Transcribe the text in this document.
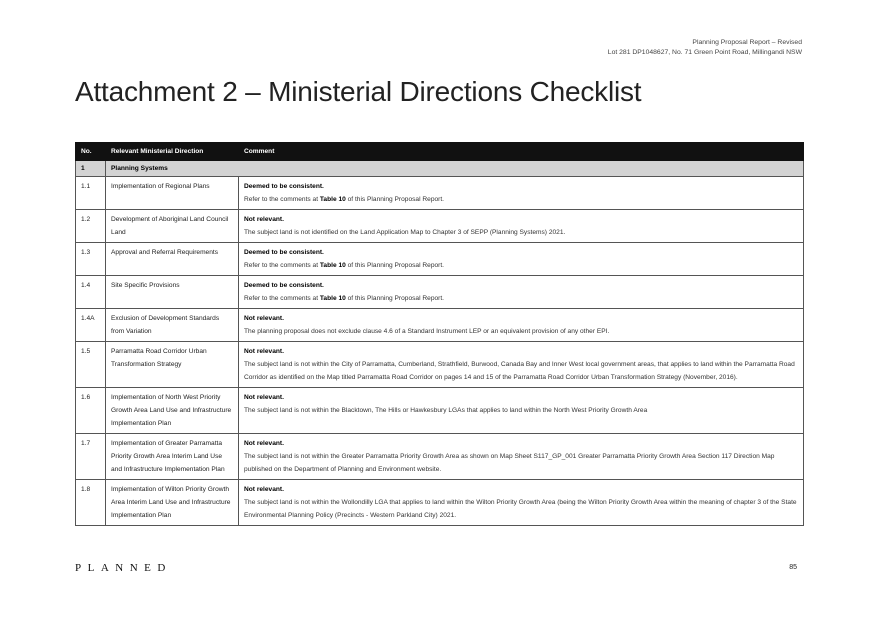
Planning Proposal Report – Revised
Lot 281 DP1048627, No. 71 Green Point Road, Millingandi NSW
Attachment 2 – Ministerial Directions Checklist
No.	Relevant Ministerial Direction	Comment
1	Planning Systems	
1.1	Implementation of Regional Plans	Deemed to be consistent.
Refer to the comments at Table 10 of this Planning Proposal Report.

1.2	Development of Aboriginal Land Council Land	Not relevant.
The subject land is not identified on the Land Application Map to Chapter 3 of SEPP (Planning Systems) 2021.

1.3	Approval and Referral Requirements	Deemed to be consistent.
Refer to the comments at Table 10 of this Planning Proposal Report.

1.4	Site Specific Provisions	Deemed to be consistent.
Refer to the comments at Table 10 of this Planning Proposal Report.

1.4A	Exclusion of Development Standards from Variation	Not relevant.
The planning proposal does not exclude clause 4.6 of a Standard Instrument LEP or an equivalent provision of any other EPI.

1.5	Parramatta Road Corridor Urban Transformation Strategy	Not relevant.
The subject land is not within the City of Parramatta, Cumberland, Strathfield, Burwood, Canada Bay and Inner West local government areas, that applies to land within the Parramatta Road Corridor as identified on the Map titled Parramatta Road Corridor on pages 14 and 15 of the Parramatta Road Corridor Urban Transformation Strategy (November, 2016).

1.6	Implementation of North West Priority Growth Area Land Use and Infrastructure Implementation Plan	Not relevant.
The subject land is not within the Blacktown, The Hills or Hawkesbury LGAs that applies to land within the North West Priority Growth Area

1.7	Implementation of Greater Parramatta Priority Growth Area Interim Land Use and Infrastructure Implementation Plan	Not relevant.
The subject land is not within the Greater Parramatta Priority Growth Area as shown on Map Sheet S117_GP_001 Greater Parramatta Priority Growth Area Section 117 Direction Map published on the Department of Planning and Environment website.

1.8	Implementation of Wilton Priority Growth Area Interim Land Use and Infrastructure Implementation Plan	Not relevant.
The subject land is not within the Wollondilly LGA that applies to land within the Wilton Priority Growth Area (being the Wilton Priority Growth Area within the meaning of chapter 3 of the State Environmental Planning Policy (Precincts - Western Parkland City) 2021.
PLANNED	85
